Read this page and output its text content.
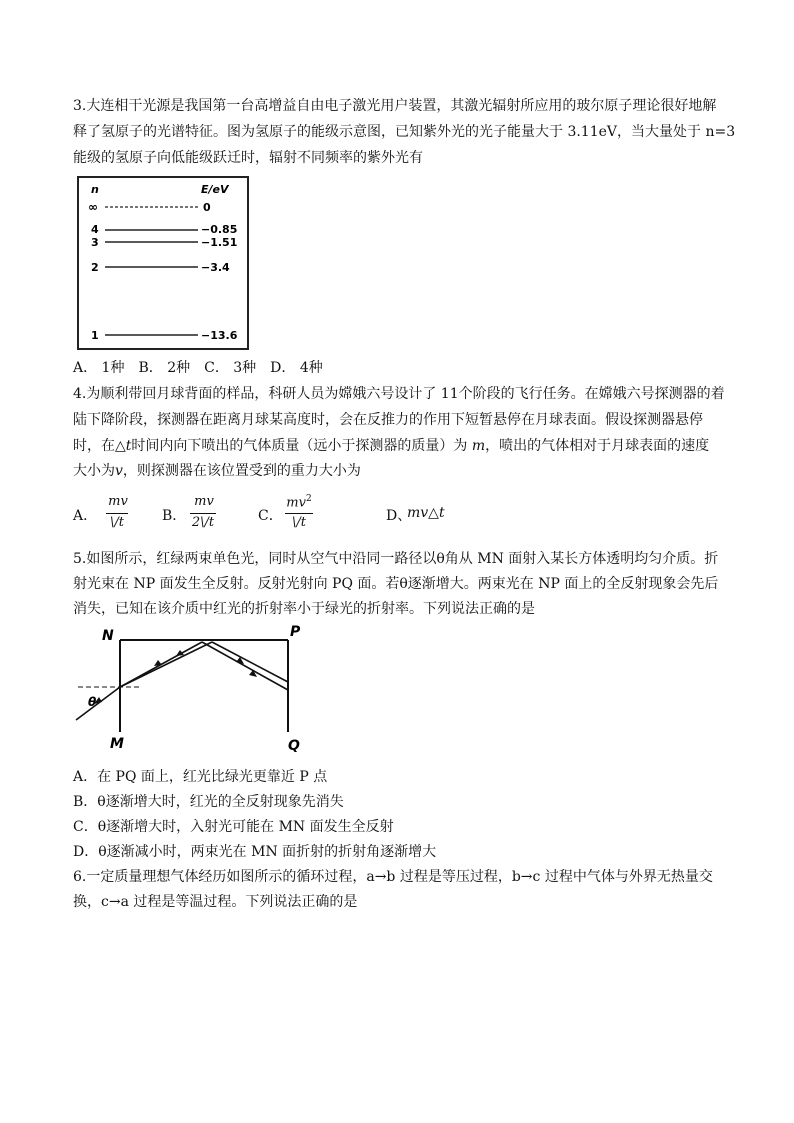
3.大连相干光源是我国第一台高增益自由电子激光用户装置，其激光辐射所应用的玻尔原子理论很好地解
释了氢原子的光谱特征。图为氢原子的能级示意图，已知紫外光的光子能量大于 3.11eV，当大量处于 n=3
能级的氢原子向低能级跃迁时，辐射不同频率的紫外光有
n	E/eV
∞	0
4	−0.85
3	−1.51
2	−3.4
1	−13.6
A． 1种　B． 2种　C． 3种　D． 4种
4.为顺利带回月球背面的样品，科研人员为嫦娥六号设计了 11个阶段的飞行任务。在嫦娥六号探测器的着
陆下降阶段，探测器在距离月球某高度时，会在反推力的作用下短暂悬停在月球表面。假设探测器悬停
时，在△t时间内向下喷出的气体质量（远小于探测器的质量）为 m，喷出的气体相对于月球表面的速度
大小为v，则探测器在该位置受到的重力大小为
A．
mv
\/t	B．
mv
2\/t	C．
$mv^2$
\/t	D、
mv△t
5.如图所示，红绿两束单色光，同时从空气中沿同一路径以θ角从 MN 面射入某长方体透明均匀介质。折
射光束在 NP 面发生全反射。反射光射向 PQ 面。若θ逐渐增大。两束光在 NP 面上的全反射现象会先后
消失，已知在该介质中红光的折射率小于绿光的折射率。下列说法正确的是
θ
N	P
M	Q
A．在 PQ 面上，红光比绿光更靠近 P 点
B．θ逐渐增大时，红光的全反射现象先消失
C．θ逐渐增大时，入射光可能在 MN 面发生全反射
D．θ逐渐减小时，两束光在 MN 面折射的折射角逐渐增大
6.一定质量理想气体经历如图所示的循环过程，a→b 过程是等压过程，b→c 过程中气体与外界无热量交
换，c→a 过程是等温过程。下列说法正确的是
